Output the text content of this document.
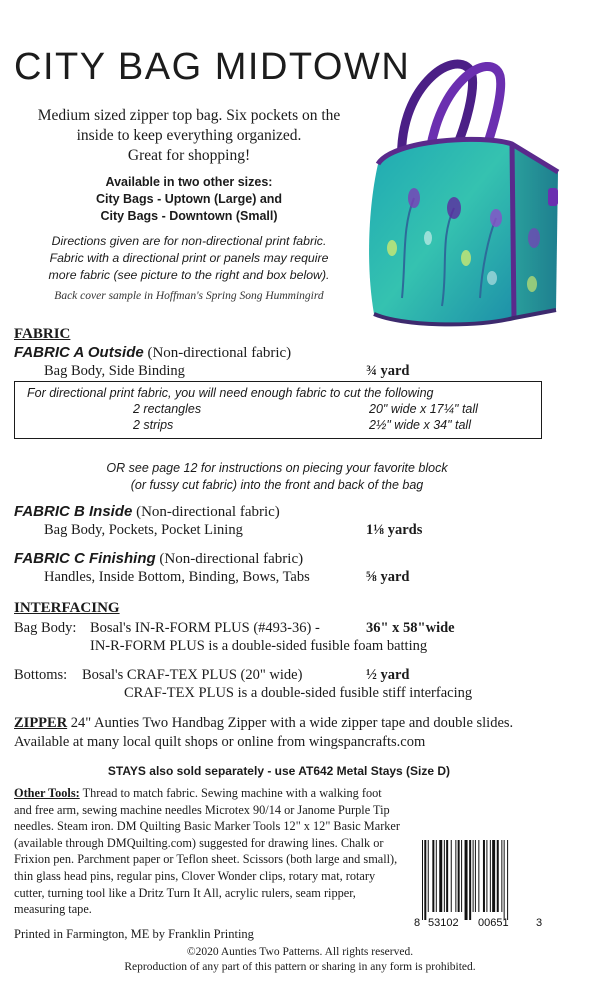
CITY BAG MIDTOWN
Medium sized zipper top bag. Six pockets on the
inside to keep everything organized.
Great for shopping!
Available in two other sizes:
City Bags - Uptown (Large) and
City Bags - Downtown (Small)
Directions given are for non-directional print fabric.
Fabric with a directional print or panels may require
more fabric (see picture to the right and box below).
Back cover sample in Hoffman's Spring Song Hummingird
FABRIC
FABRIC A Outside (Non-directional fabric)
Bag Body, Side Binding	¾ yard
For directional print fabric, you will need enough fabric to cut the following
2 rectangles	20" wide x 17¼" tall
2 strips	2½" wide x 34" tall
OR see page 12 for instructions on piecing your favorite block
(or fussy cut fabric) into the front and back of the bag
FABRIC B Inside (Non-directional fabric)
Bag Body, Pockets, Pocket Lining	1⅛ yards
FABRIC C Finishing (Non-directional fabric)
Handles, Inside Bottom, Binding, Bows, Tabs	⅝ yard
INTERFACING
Bag Body: Bosal's IN-R-FORM PLUS (#493-36) -	36" x 58"wide
IN-R-FORM PLUS is a double-sided fusible foam batting
Bottoms: Bosal's CRAF-TEX PLUS (20" wide)	½ yard
CRAF-TEX PLUS is a double-sided fusible stiff interfacing
ZIPPER 24" Aunties Two Handbag Zipper with a wide zipper tape and double slides. Available at many local quilt shops or online from wingspancrafts.com
STAYS also sold separately - use AT642 Metal Stays (Size D)
Other Tools: Thread to match fabric. Sewing machine with a walking foot and free arm, sewing machine needles Microtex 90/14 or Janome Purple Tip needles. Steam iron. DM Quilting Basic Marker Tools 12" x 12" Basic Marker (available through DMQuilting.com) suggested for drawing lines. Chalk or Frixion pen. Parchment paper or Teflon sheet. Scissors (both large and small), thin glass head pins, regular pins, Clover Wonder clips, rotary mat, rotary cutter, turning tool like a Dritz Turn It All, acrylic rulers, seam ripper, measuring tape.
8 53102 00651 3
Printed in Farmington, ME by Franklin Printing
©2020 Aunties Two Patterns. All rights reserved.
Reproduction of any part of this pattern or sharing in any form is prohibited.
